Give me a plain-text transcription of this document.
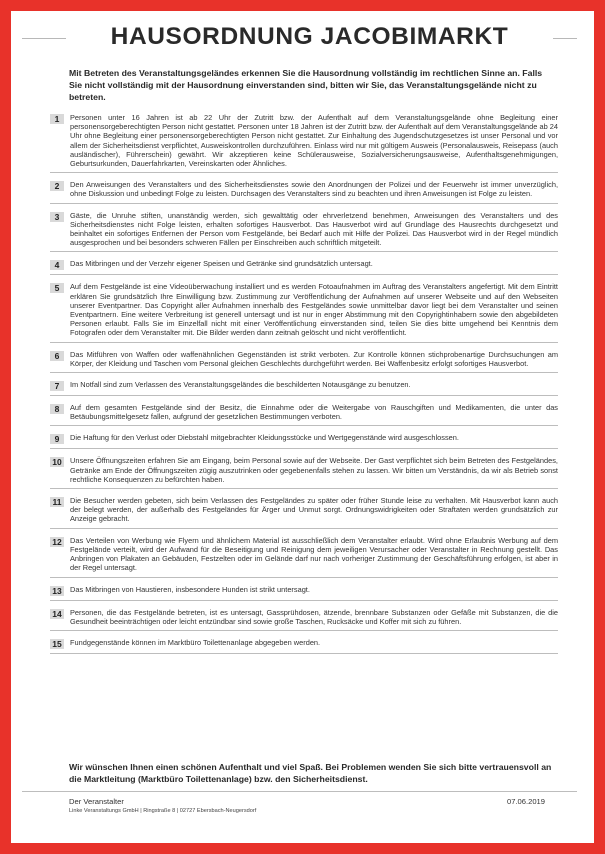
HAUSORDNUNG JACOBIMARKT
Mit Betreten des Veranstaltungsgeländes erkennen Sie die Hausordnung vollständig im rechtlichen Sinne an. Falls Sie nicht vollständig mit der Hausordnung einverstanden sind, bitten wir Sie, das Veranstaltungsgelände nicht zu betreten.
1	Personen unter 16 Jahren ist ab 22 Uhr der Zutritt bzw. der Aufenthalt auf dem Veranstaltungsgelände ohne Begleitung einer personensorgeberechtigten Person nicht gestattet. Personen unter 18 Jahren ist der Zutritt bzw. der Aufenthalt auf dem Veranstaltungsgelände ab 24 Uhr ohne Begleitung einer personensorgeberechtigten Person nicht gestattet. Zur Einhaltung des Jugendschutzgesetzes ist unser Personal und vor allem der Sicherheitsdienst verpflichtet, Ausweiskontrollen durchzuführen. Einlass wird nur mit gültigem Ausweis (Personalausweis, Reisepass (auch ausländischer), Führerschein) gewährt. Wir akzeptieren keine Schülerausweise, Sozialversicherungsausweise, Aufenthaltsgenehmigungen, Geburtsurkunden, Dauerfahrkarten, Vereinskarten oder Ähnliches.
2	Den Anweisungen des Veranstalters und des Sicherheitsdienstes sowie den Anordnungen der Polizei und der Feuerwehr ist immer unverzüglich, ohne Diskussion und unbedingt Folge zu leisten. Durchsagen des Veranstalters sind zu beachten und ihren Anweisungen ist Folge zu leisten.
3	Gäste, die Unruhe stiften, unanständig werden, sich gewalttätig oder ehrverletzend benehmen, Anweisungen des Veranstalters und des Sicherheitsdienstes nicht Folge leisten, erhalten sofortiges Hausverbot. Das Hausverbot wird auf Grundlage des Hausrechts durchgesetzt und beinhaltet ein sofortiges Entfernen der Person vom Festgelände, bei Bedarf auch mit Hilfe der Polizei. Das Hausverbot wird in der Regel mündlich ausgesprochen und bei besonders schweren Fällen per Einschreiben auch schriftlich mitgeteilt.
4	Das Mitbringen und der Verzehr eigener Speisen und Getränke sind grundsätzlich untersagt.
5	Auf dem Festgelände ist eine Videoüberwachung installiert und es werden Fotoaufnahmen im Auftrag des Veranstalters angefertigt. Mit dem Eintritt erklären Sie grundsätzlich Ihre Einwilligung bzw. Zustimmung zur Veröffentlichung der Aufnahmen auf unserer Webseite und auf den Webseiten unserer Eventpartner. Das Copyright aller Aufnahmen innerhalb des Festgeländes sowie unmittelbar davor liegt bei dem Veranstalter und seinen Eventpartnern. Eine weitere Verbreitung ist generell untersagt und ist nur in enger Abstimmung mit den Copyrightinhabern sowie den abgebildeten Personen erlaubt. Falls Sie im Einzelfall nicht mit einer Veröffentlichung einverstanden sind, teilen Sie dies bitte umgehend bei Kenntnis dem Fotografen oder dem Veranstalter mit. Die Bilder werden dann zeitnah gelöscht und nicht veröffentlicht.
6	Das Mitführen von Waffen oder waffenähnlichen Gegenständen ist strikt verboten. Zur Kontrolle können stichprobenartige Durchsuchungen am Körper, der Kleidung und Taschen vom Personal gleichen Geschlechts durchgeführt werden. Bei Waffenbesitz erfolgt sofortiges Hausverbot.
7	Im Notfall sind zum Verlassen des Veranstaltungsgeländes die beschilderten Notausgänge zu benutzen.
8	Auf dem gesamten Festgelände sind der Besitz, die Einnahme oder die Weitergabe von Rauschgiften und Medikamenten, die unter das Betäubungsmittelgesetz fallen, aufgrund der gesetzlichen Bestimmungen verboten.
9	Die Haftung für den Verlust oder Diebstahl mitgebrachter Kleidungsstücke und Wertgegenstände wird ausgeschlossen.
10	Unsere Öffnungszeiten erfahren Sie am Eingang, beim Personal sowie auf der Webseite. Der Gast verpflichtet sich beim Betreten des Festgeländes, Getränke am Ende der Öffnungszeiten zügig auszutrinken oder gegebenenfalls stehen zu lassen. Wir bitten um Verständnis, da wir als Betrieb sonst rechtliche Konsequenzen zu befürchten haben.
11	Die Besucher werden gebeten, sich beim Verlassen des Festgeländes zu später oder früher Stunde leise zu verhalten. Mit Hausverbot kann auch der belegt werden, der außerhalb des Festgeländes für Ärger und Unmut sorgt. Ordnungswidrigkeiten oder Straftaten werden grundsätzlich zur Anzeige gebracht.
12	Das Verteilen von Werbung wie Flyern und ähnlichem Material ist ausschließlich dem Veranstalter erlaubt. Wird ohne Erlaubnis Werbung auf dem Festgelände verteilt, wird der Aufwand für die Beseitigung und Reinigung dem jeweiligen Verursacher oder Veranstalter in Rechnung gestellt. Das Anbringen von Plakaten an Gebäuden, Festzelten oder im Gelände darf nur nach vorheriger Zustimmung der Geschäftsführung erfolgen, ist aber in der Regel untersagt.
13	Das Mitbringen von Haustieren, insbesondere Hunden ist strikt untersagt.
14	Personen, die das Festgelände betreten, ist es untersagt, Gassprühdosen, ätzende, brennbare Substanzen oder Gefäße mit Substanzen, die die Gesundheit beeinträchtigen oder leicht entzündbar sind sowie große Taschen, Rucksäcke und Koffer mit sich zu führen.
15	Fundgegenstände können im Marktbüro Toilettenanlage abgegeben werden.
Wir wünschen Ihnen einen schönen Aufenthalt und viel Spaß. Bei Problemen wenden Sie sich bitte vertrauensvoll an die Marktleitung (Marktbüro Toilettenanlage) bzw. den Sicherheitsdienst.
Der Veranstalter
Linke Veranstaltungs GmbH | Ringstraße 8 | 02727 Ebersbach-Neugersdorf
07.06.2019
